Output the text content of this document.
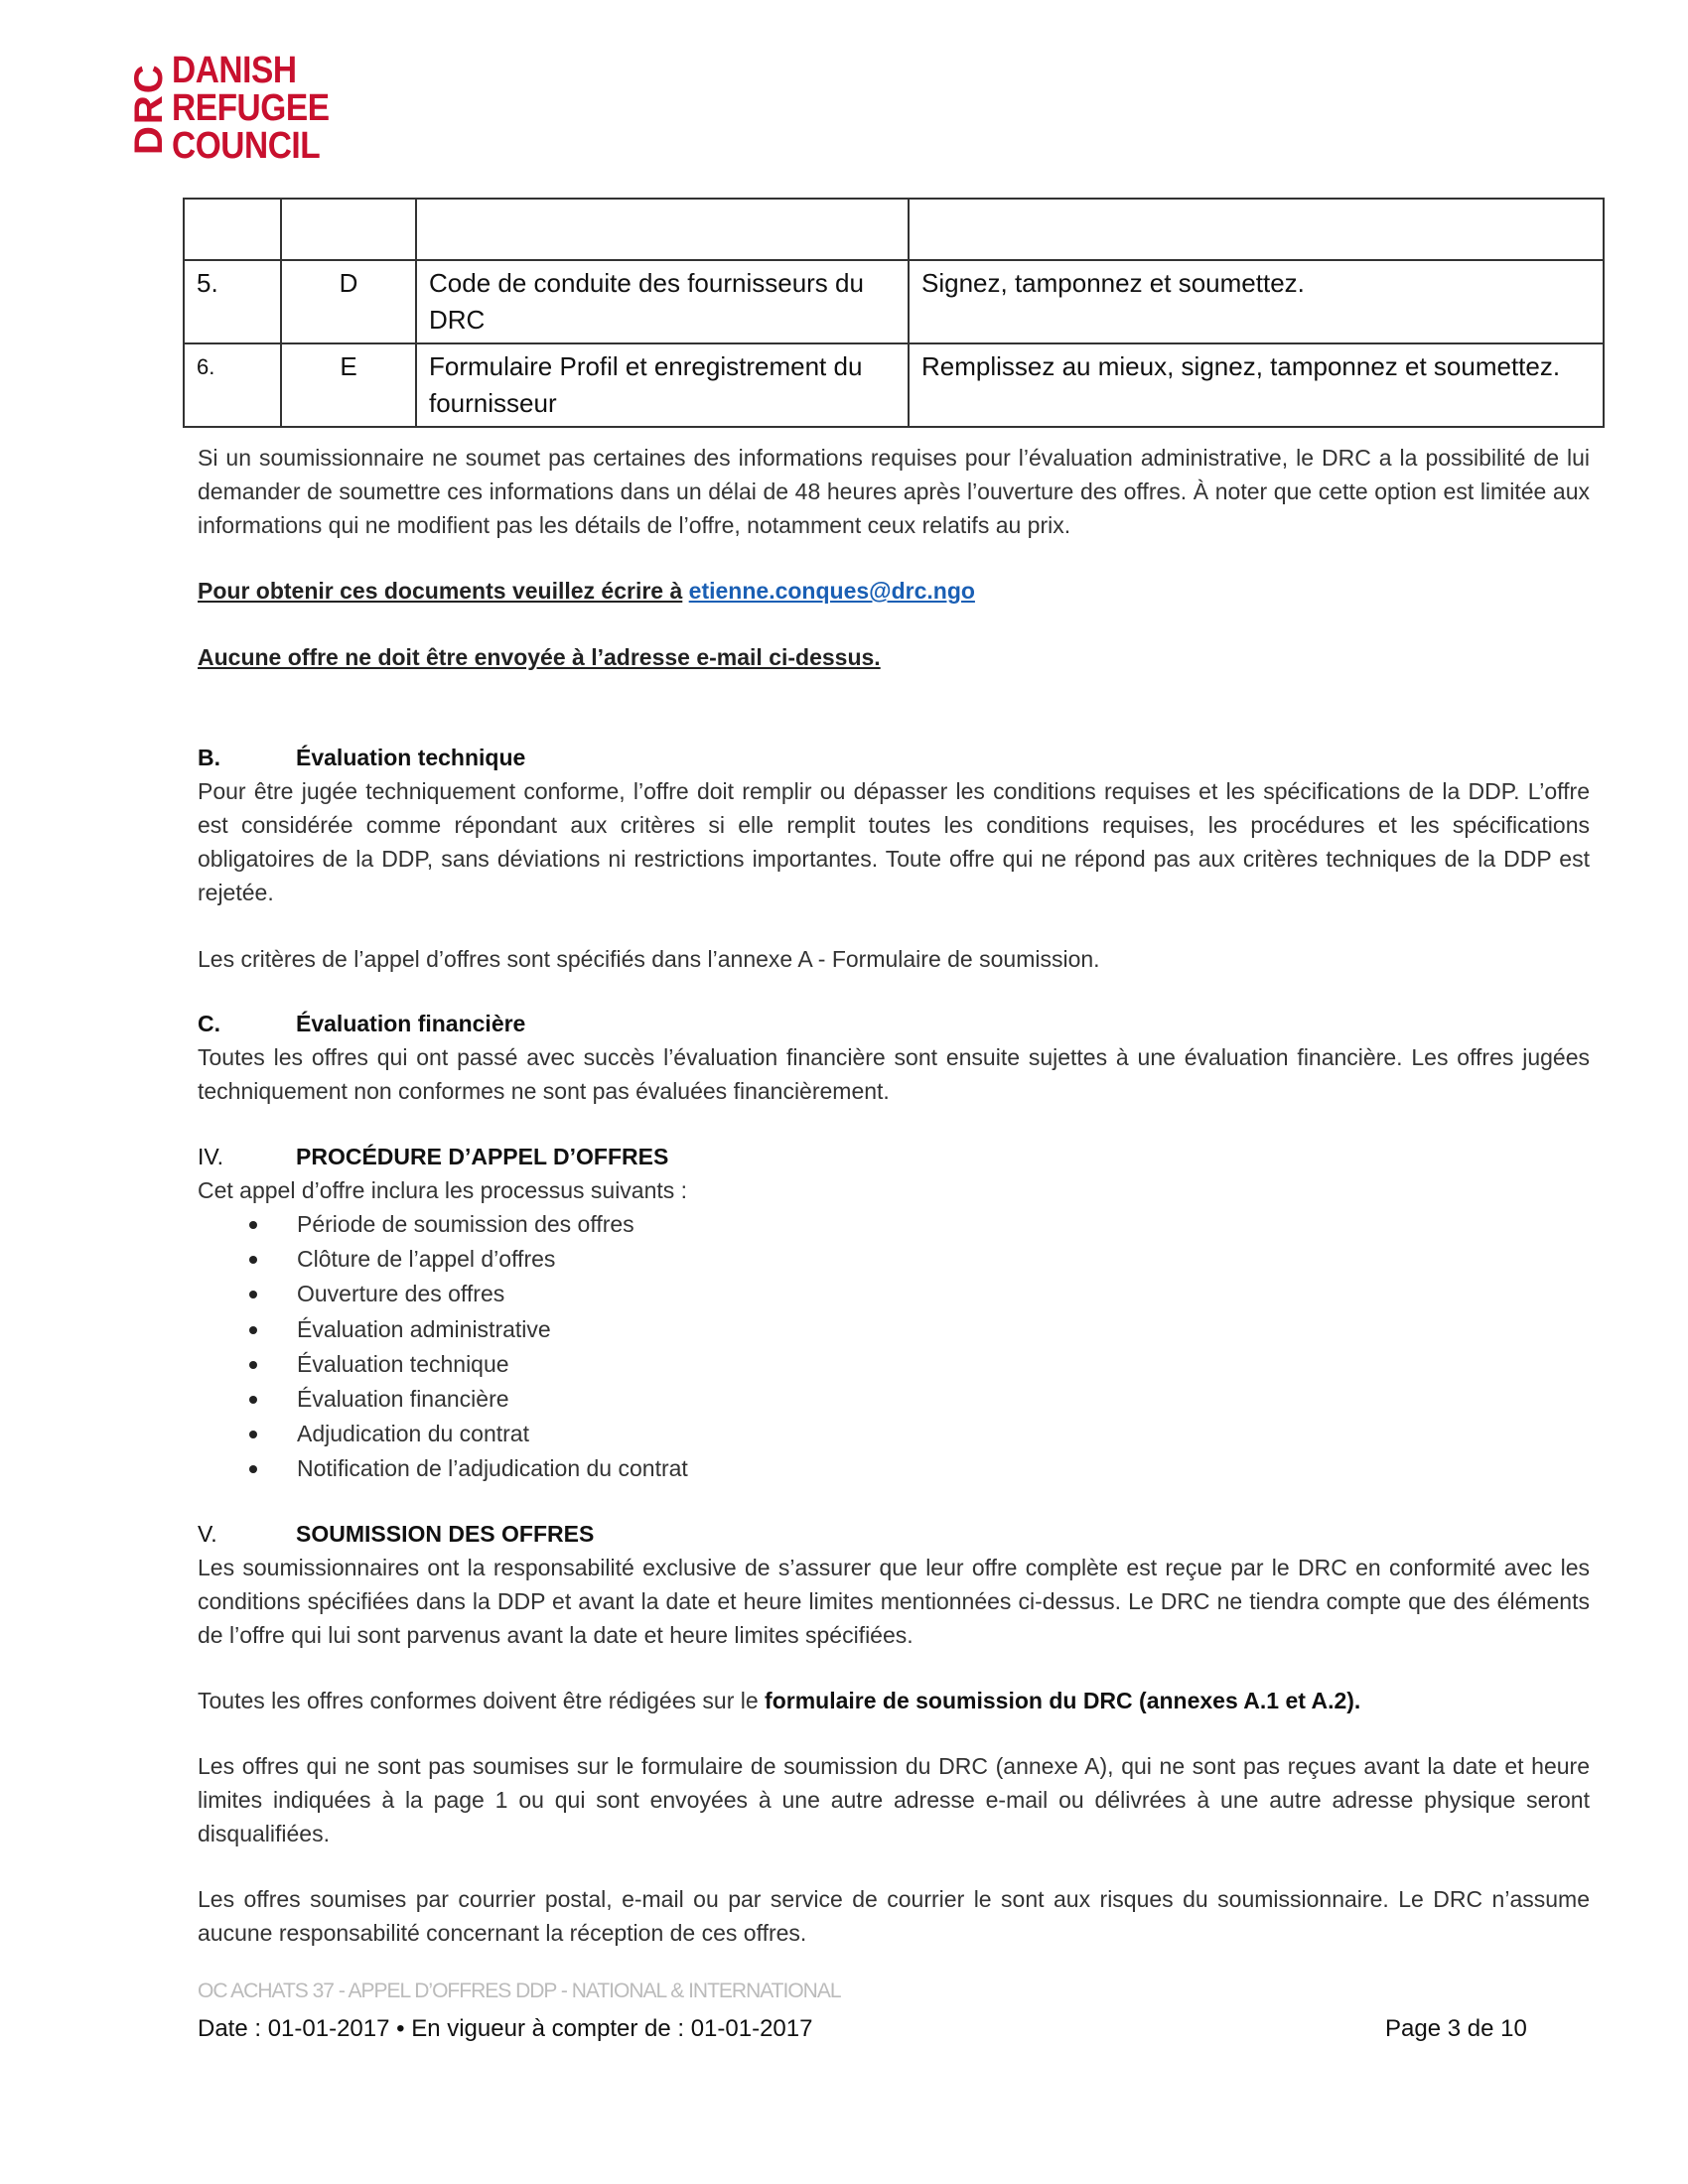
DRC DANISH
REFUGEE
COUNCIL

5.	D	Code de conduite des fournisseurs du DRC	Signez, tamponnez et soumettez.
6.	E	Formulaire Profil et enregistrement du fournisseur	Remplissez au mieux, signez, tamponnez et soumettez.
Si un soumissionnaire ne soumet pas certaines des informations requises pour l’évaluation administrative, le DRC a la possibilité de lui demander de soumettre ces informations dans un délai de 48 heures après l’ouverture des offres. À noter que cette option est limitée aux informations qui ne modifient pas les détails de l’offre, notamment ceux relatifs au prix.
Pour obtenir ces documents veuillez écrire à etienne.conques@drc.ngo
Aucune offre ne doit être envoyée à l’adresse e-mail ci-dessus.
B.	Évaluation technique
Pour être jugée techniquement conforme, l’offre doit remplir ou dépasser les conditions requises et les spécifications de la DDP. L’offre est considérée comme répondant aux critères si elle remplit toutes les conditions requises, les procédures et les spécifications obligatoires de la DDP, sans déviations ni restrictions importantes. Toute offre qui ne répond pas aux critères techniques de la DDP est rejetée.
Les critères de l’appel d’offres sont spécifiés dans l’annexe A - Formulaire de soumission.
C.	Évaluation financière
Toutes les offres qui ont passé avec succès l’évaluation financière sont ensuite sujettes à une évaluation financière. Les offres jugées techniquement non conformes ne sont pas évaluées financièrement.
IV.	PROCÉDURE D’APPEL D’OFFRES
Cet appel d’offre inclura les processus suivants :
Période de soumission des offres
Clôture de l’appel d’offres
Ouverture des offres
Évaluation administrative
Évaluation technique
Évaluation financière
Adjudication du contrat
Notification de l’adjudication du contrat
V.	SOUMISSION DES OFFRES
Les soumissionnaires ont la responsabilité exclusive de s’assurer que leur offre complète est reçue par le DRC en conformité avec les conditions spécifiées dans la DDP et avant la date et heure limites mentionnées ci-dessus. Le DRC ne tiendra compte que des éléments de l’offre qui lui sont parvenus avant la date et heure limites spécifiées.
Toutes les offres conformes doivent être rédigées sur le formulaire de soumission du DRC (annexes A.1 et A.2).
Les offres qui ne sont pas soumises sur le formulaire de soumission du DRC (annexe A), qui ne sont pas reçues avant la date et heure limites indiquées à la page 1 ou qui sont envoyées à une autre adresse e-mail ou délivrées à une autre adresse physique seront disqualifiées.
Les offres soumises par courrier postal, e-mail ou par service de courrier le sont aux risques du soumissionnaire. Le DRC n’assume aucune responsabilité concernant la réception de ces offres.
OC ACHATS 37 - APPEL D’OFFRES DDP - NATIONAL & INTERNATIONAL
Date : 01-01-2017 • En vigueur à compter de : 01-01-2017	Page 3 de 10
